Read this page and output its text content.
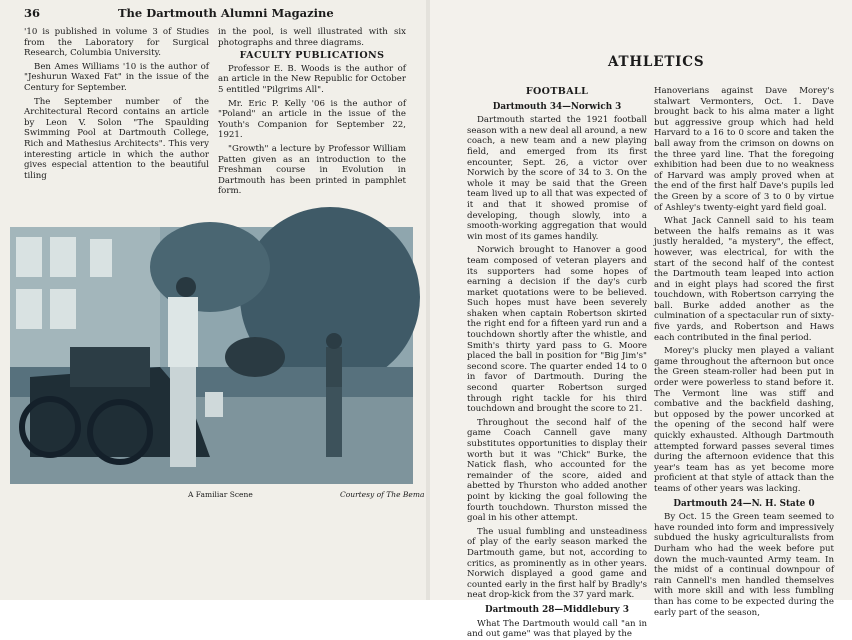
36	The Dartmouth Alumni Magazine

'10 is published in volume 3 of Studies from the Laboratory for Surgical Research, Columbia University.

Ben Ames Williams '10 is the author of "Jeshurun Waxed Fat" in the issue of the Century for September.

The September number of the Architectural Record contains an article by Leon V. Solon "The Spaulding Swimming Pool at Dartmouth College, Rich and Mathesius Architects". This very interesting article in which the author gives especial attention to the beautiful tiling

in the pool, is well illustrated with six photographs and three diagrams.

FACULTY PUBLICATIONS

Professor E. B. Woods is the author of an article in the New Republic for October 5 entitled "Pilgrims All".

Mr. Eric P. Kelly '06 is the author of "Poland" an article in the issue of the Youth's Companion for September 22, 1921.

"Growth" a lecture by Professor William Patten given as an introduction to the Freshman course in Evolution in Dartmouth has been printed in pamphlet form.

A Familiar Scene	Courtesy of The Bema
ATHLETICS
FOOTBALL
Dartmouth 34—Norwich 3

Dartmouth started the 1921 football season with a new deal all around, a new coach, a new team and a new playing field, and emerged from its first encounter, Sept. 26, a victor over Norwich by the score of 34 to 3. On the whole it may be said that the Green team lived up to all that was expected of it and that it showed promise of developing, though slowly, into a smooth-working aggregation that would win most of its games handily.

Norwich brought to Hanover a good team composed of veteran players and its supporters had some hopes of earning a decision if the day's curb market quotations were to be believed. Such hopes must have been severely shaken when captain Robertson skirted the right end for a fifteen yard run and a touchdown shortly after the whistle, and Smith's thirty yard pass to G. Moore placed the ball in position for "Big Jim's" second score. The quarter ended 14 to 0 in favor of Dartmouth. During the second quarter Robertson surged through right tackle for his third touchdown and brought the score to 21.

Throughout the second half of the game Coach Cannell gave many substitutes opportunities to display their worth but it was "Chick" Burke, the Natick flash, who accounted for the remainder of the score, aided and abetted by Thurston who added another point by kicking the goal following the fourth touchdown. Thurston missed the goal in his other attempt.

The usual fumbling and unsteadiness of play of the early season marked the Dartmouth game, but not, according to critics, as prominently as in other years. Norwich displayed a good game and counted early in the first half by Bradly's neat drop-kick from the 37 yard mark.

Dartmouth 28—Middlebury 3

What The Dartmouth would call "an in and out game" was that played by the

Hanoverians against Dave Morey's stalwart Vermonters, Oct. 1. Dave brought back to his alma mater a light but aggressive group which had held Harvard to a 16 to 0 score and taken the ball away from the crimson on downs on the three yard line. That the foregoing exhibition had been due to no weakness of Harvard was amply proved when at the end of the first half Dave's pupils led the Green by a score of 3 to 0 by virtue of Ashley's twenty-eight yard field goal.

What Jack Cannell said to his team between the halfs remains as it was justly heralded, "a mystery", the effect, however, was electrical, for with the start of the second half of the contest the Dartmouth team leaped into action and in eight plays had scored the first touchdown, with Robertson carrying the ball. Burke added another as the culmination of a spectacular run of sixty-five yards, and Robertson and Haws each contributed in the final period.

Morey's plucky men played a valiant game throughout the afternoon but once the Green steam-roller had been put in order were powerless to stand before it. The Vermont line was stiff and combative and the backfield dashing, but opposed by the power uncorked at the opening of the second half were quickly exhausted. Although Dartmouth attempted forward passes several times during the afternoon evidence that this year's team has as yet become more proficient at that style of attack than the teams of other years was lacking.

Dartmouth 24—N. H. State 0

By Oct. 15 the Green team seemed to have rounded into form and impressively subdued the husky agriculturalists from Durham who had the week before put down the much-vaunted Army team. In the midst of a continual downpour of rain Cannell's men handled themselves with more skill and with less fumbling than has come to be expected during the early part of the season,
